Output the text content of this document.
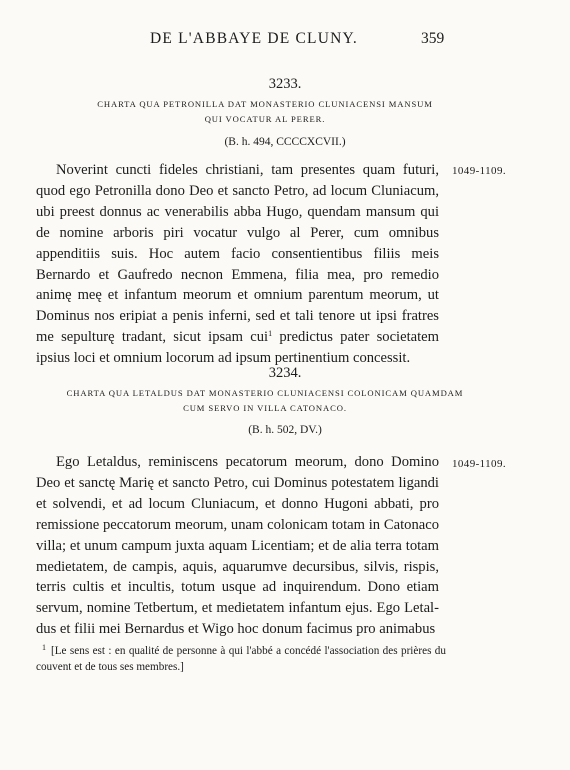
DE L'ABBAYE DE CLUNY.	359
3233.
CHARTA QUA PETRONILLA DAT MONASTERIO CLUNIACENSI MANSUM
QUI VOCATUR AL PERER.
(B. h. 494, CCCCXCVII.)
1049-1109.

Noverint cuncti fideles christiani, tam presentes quam futuri, quod ego Petronilla dono Deo et sancto Petro, ad locum Cluniacum, ubi preest donnus ac venerabilis abba Hugo, quendam mansum qui de nomine arboris piri vocatur vulgo al Perer, cum omnibus appenditiis suis. Hoc autem facio consentientibus filiis meis Bernardo et Gaufredo necnon Emmena, filia mea, pro remedio animę meę et infantum meorum et omnium parentum meorum, ut Dominus nos eripiat a penis inferni, sed et tali tenore ut ipsi fratres me sepulturę tradant, sicut ipsam cui$^1$ predictus pater societatem ipsius loci et omnium locorum ad ipsum pertinentium concessit.

3234.
CHARTA QUA LETALDUS DAT MONASTERIO CLUNIACENSI COLONICAM QUAMDAM
CUM SERVO IN VILLA CATONACO.
(B. h. 502, DV.)
1049-1109.

Ego Letaldus, reminiscens pecatorum meorum, dono Domino Deo et sanctę Marię et sancto Petro, cui Dominus potestatem ligandi et solvendi, et ad locum Cluniacum, et donno Hugoni abbati, pro remissione peccatorum meorum, unam colonicam totam in Catonaco villa; et unum campum juxta aquam Licentiam; et de alia terra totam medietatem, de campis, aquis, aquarumve decursibus, silvis, rispis, terris cultis et incultis, totum usque ad inquirendum. Dono etiam servum, nomine Tetbertum, et medietatem infantum ejus. Ego Letaldus et filii mei Bernardus et Wigo hoc donum facimus pro animabus

$^1$ [Le sens est : en qualité de personne à qui l'abbé a concédé l'association des prières du couvent et de tous ses membres.]
